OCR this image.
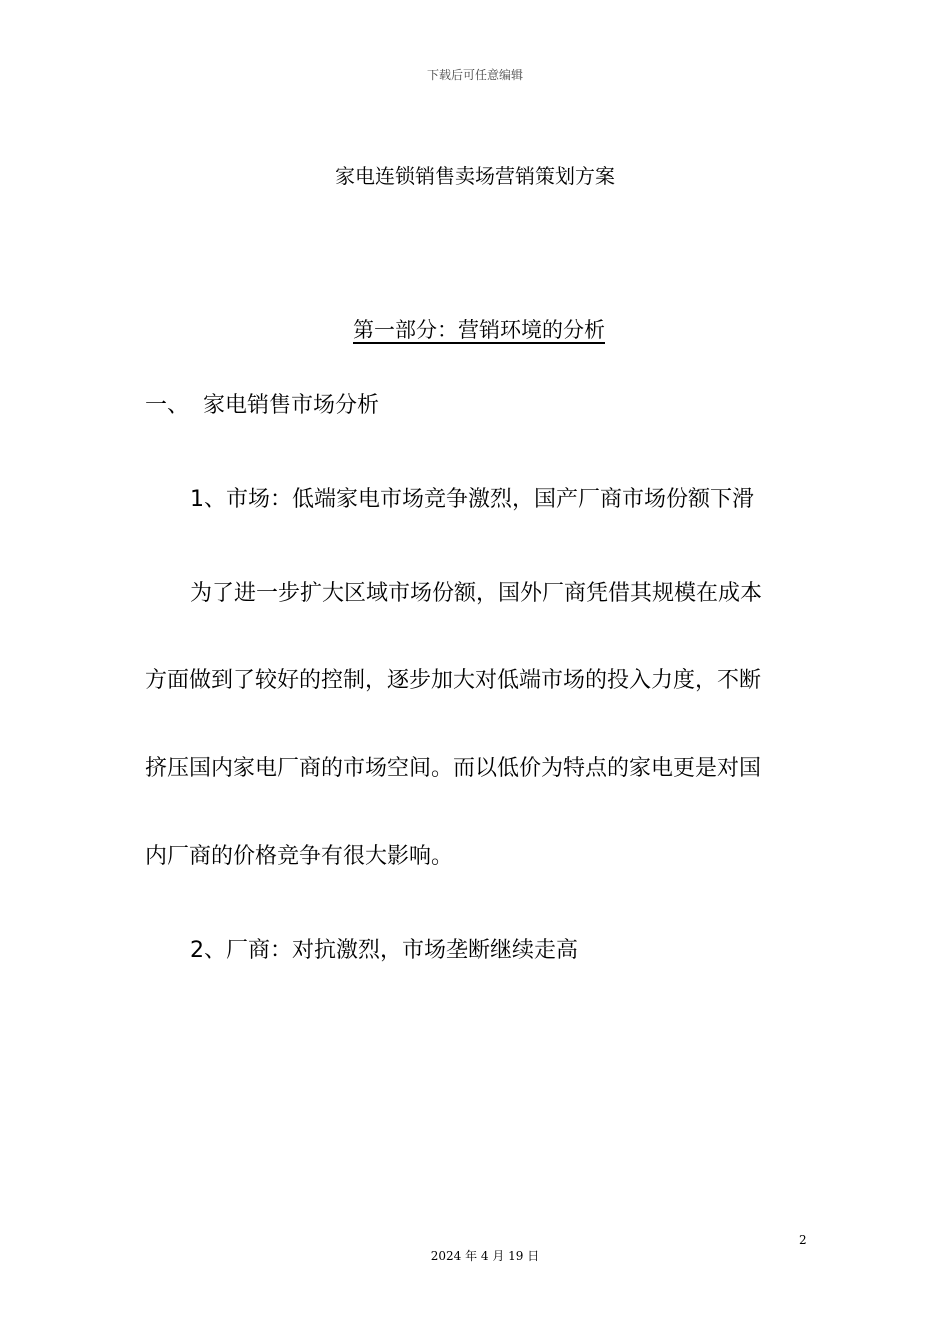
下载后可任意编辑
家电连锁销售卖场营销策划方案
第一部分：营销环境的分析
一、  家电销售市场分析
1、市场：低端家电市场竞争激烈，国产厂商市场份额下滑
为了进一步扩大区域市场份额，国外厂商凭借其规模在成本
方面做到了较好的控制，逐步加大对低端市场的投入力度，不断
挤压国内家电厂商的市场空间。而以低价为特点的家电更是对国
内厂商的价格竞争有很大影响。
2、厂商：对抗激烈，市场垄断继续走高
2
2024 年 4 月 19 日
